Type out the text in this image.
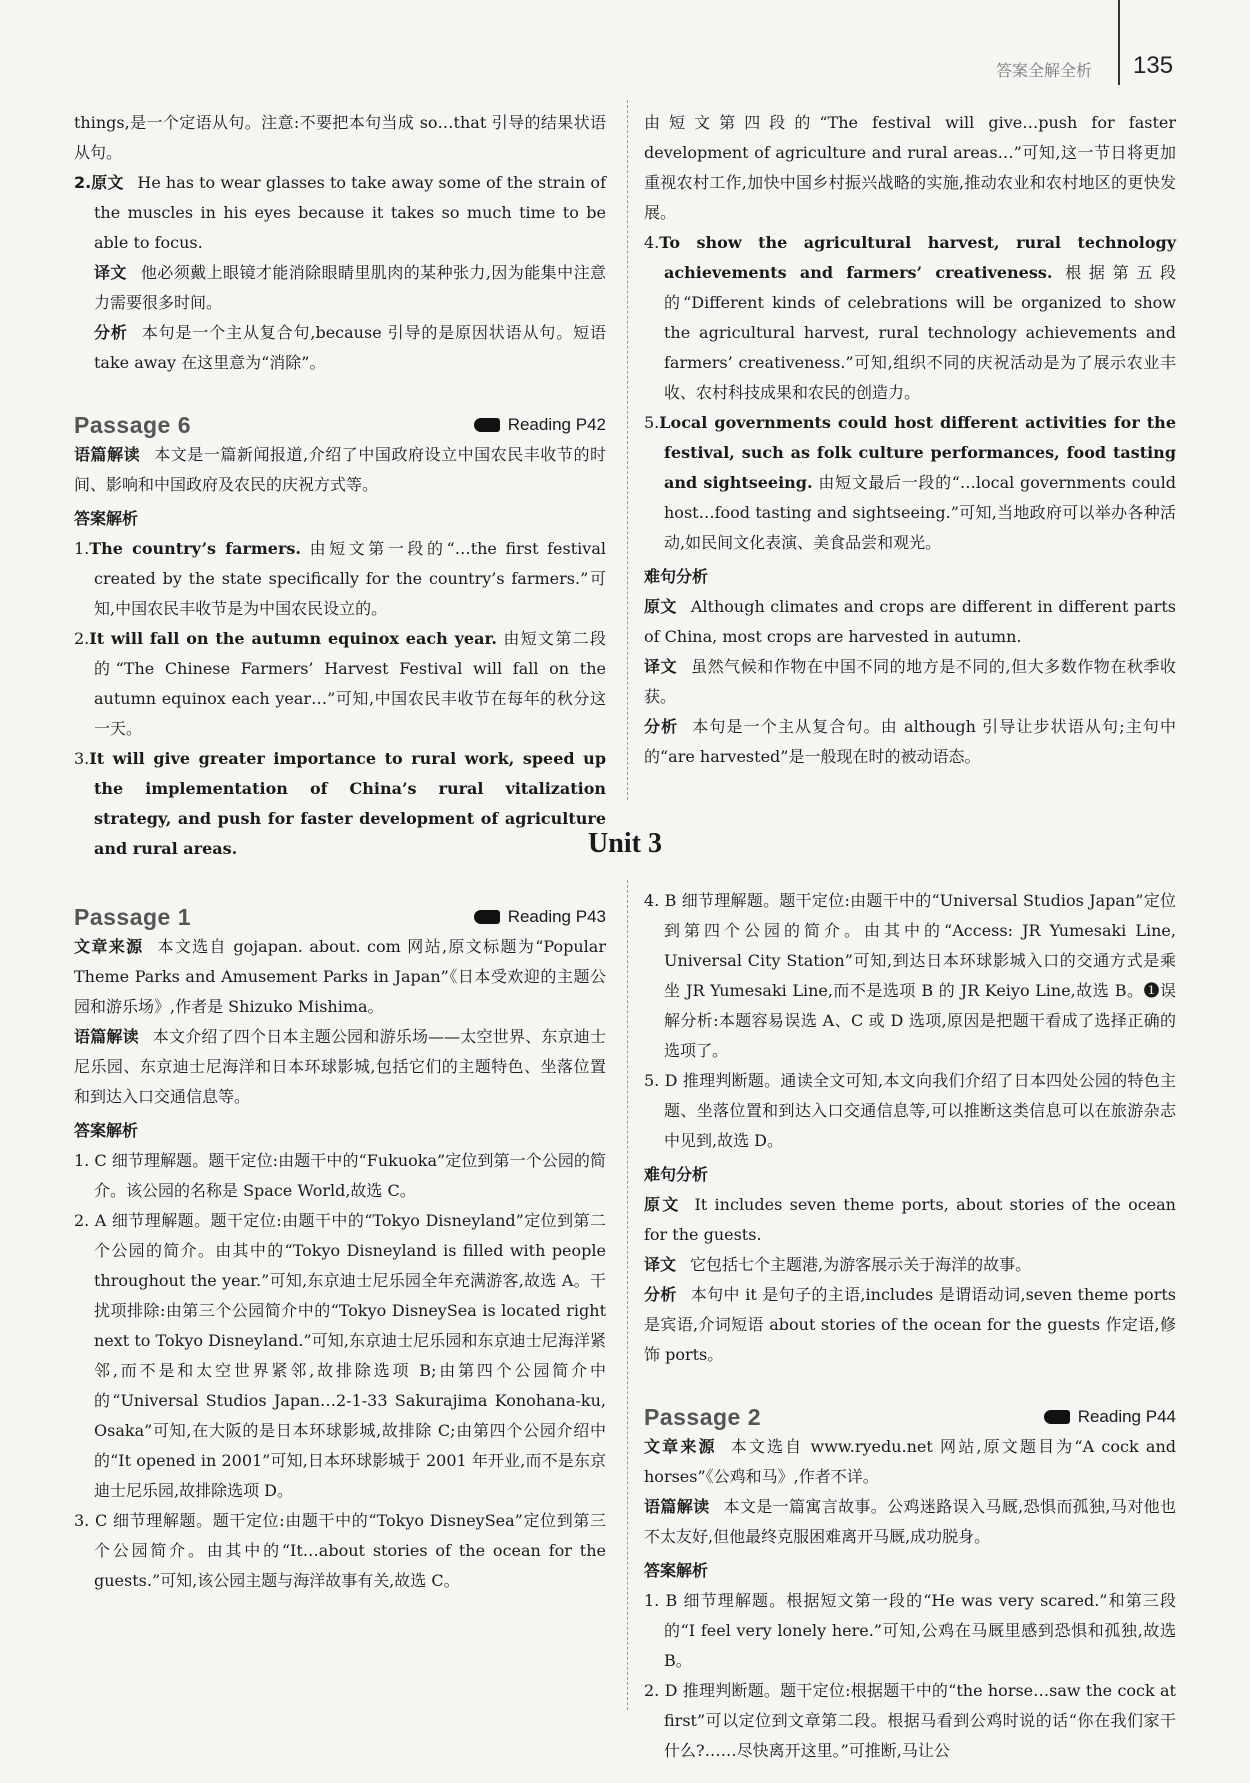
答案全解全析 135

things,是一个定语从句。注意:不要把本句当成 so…that 引导的结果状语从句。

2.原文 He has to wear glasses to take away some of the strain of the muscles in his eyes because it takes so much time to be able to focus.

译文 他必须戴上眼镜才能消除眼睛里肌肉的某种张力,因为能集中注意力需要很多时间。

分析 本句是一个主从复合句,because 引导的是原因状语从句。短语 take away 在这里意为“消除”。

Passage 6	Reading P42

语篇解读 本文是一篇新闻报道,介绍了中国政府设立中国农民丰收节的时间、影响和中国政府及农民的庆祝方式等。

答案解析

1.The country’s farmers. 由短文第一段的“…the first festival created by the state specifically for the country’s farmers.”可知,中国农民丰收节是为中国农民设立的。

2.It will fall on the autumn equinox each year. 由短文第二段的“The Chinese Farmers’ Harvest Festival will fall on the autumn equinox each year…”可知,中国农民丰收节在每年的秋分这一天。

3.It will give greater importance to rural work, speed up the implementation of China’s rural vitalization strategy, and push for faster development of agriculture and rural areas.

由短文第四段的“The festival will give…push for faster development of agriculture and rural areas…”可知,这一节日将更加重视农村工作,加快中国乡村振兴战略的实施,推动农业和农村地区的更快发展。

4.To show the agricultural harvest, rural technology achievements and farmers’ creativeness. 根据第五段的“Different kinds of celebrations will be organized to show the agricultural harvest, rural technology achievements and farmers’ creativeness.”可知,组织不同的庆祝活动是为了展示农业丰收、农村科技成果和农民的创造力。

5.Local governments could host different activities for the festival, such as folk culture performances, food tasting and sightseeing. 由短文最后一段的“…local governments could host…food tasting and sightseeing.”可知,当地政府可以举办各种活动,如民间文化表演、美食品尝和观光。

难句分析

原文 Although climates and crops are different in different parts of China, most crops are harvested in autumn.

译文 虽然气候和作物在中国不同的地方是不同的,但大多数作物在秋季收获。

分析 本句是一个主从复合句。由 although 引导让步状语从句;主句中的“are harvested”是一般现在时的被动语态。

Unit 3
Passage 1	Reading P43

文章来源 本文选自 gojapan. about. com 网站,原文标题为“Popular Theme Parks and Amusement Parks in Japan”《日本受欢迎的主题公园和游乐场》,作者是 Shizuko Mishima。

语篇解读 本文介绍了四个日本主题公园和游乐场——太空世界、东京迪士尼乐园、东京迪士尼海洋和日本环球影城,包括它们的主题特色、坐落位置和到达入口交通信息等。

答案解析

1. C 细节理解题。题干定位:由题干中的“Fukuoka”定位到第一个公园的简介。该公园的名称是 Space World,故选 C。

2. A 细节理解题。题干定位:由题干中的“Tokyo Disneyland”定位到第二个公园的简介。由其中的“Tokyo Disneyland is filled with people throughout the year.”可知,东京迪士尼乐园全年充满游客,故选 A。干扰项排除:由第三个公园简介中的“Tokyo DisneySea is located right next to Tokyo Disneyland.”可知,东京迪士尼乐园和东京迪士尼海洋紧邻,而不是和太空世界紧邻,故排除选项 B;由第四个公园简介中的“Universal Studios Japan…2-1-33 Sakurajima Konohana-ku, Osaka”可知,在大阪的是日本环球影城,故排除 C;由第四个公园介绍中的“It opened in 2001”可知,日本环球影城于 2001 年开业,而不是东京迪士尼乐园,故排除选项 D。

3. C 细节理解题。题干定位:由题干中的“Tokyo DisneySea”定位到第三个公园简介。由其中的“It…about stories of the ocean for the guests.”可知,该公园主题与海洋故事有关,故选 C。

4. B 细节理解题。题干定位:由题干中的“Universal Studios Japan”定位到第四个公园的简介。由其中的“Access: JR Yumesaki Line, Universal City Station”可知,到达日本环球影城入口的交通方式是乘坐 JR Yumesaki Line,而不是选项 B 的 JR Keiyo Line,故选 B。❶误解分析:本题容易误选 A、C 或 D 选项,原因是把题干看成了选择正确的选项了。

5. D 推理判断题。通读全文可知,本文向我们介绍了日本四处公园的特色主题、坐落位置和到达入口交通信息等,可以推断这类信息可以在旅游杂志中见到,故选 D。

难句分析

原文 It includes seven theme ports, about stories of the ocean for the guests.

译文 它包括七个主题港,为游客展示关于海洋的故事。

分析 本句中 it 是句子的主语,includes 是谓语动词,seven theme ports 是宾语,介词短语 about stories of the ocean for the guests 作定语,修饰 ports。

Passage 2	Reading P44

文章来源 本文选自 www.ryedu.net 网站,原文题目为“A cock and horses”《公鸡和马》,作者不详。

语篇解读 本文是一篇寓言故事。公鸡迷路误入马厩,恐惧而孤独,马对他也不太友好,但他最终克服困难离开马厩,成功脱身。

答案解析

1. B 细节理解题。根据短文第一段的“He was very scared.”和第三段的“I feel very lonely here.”可知,公鸡在马厩里感到恐惧和孤独,故选 B。

2. D 推理判断题。题干定位:根据题干中的“the horse…saw the cock at first”可以定位到文章第二段。根据马看到公鸡时说的话“你在我们家干什么?……尽快离开这里。”可推断,马让公
